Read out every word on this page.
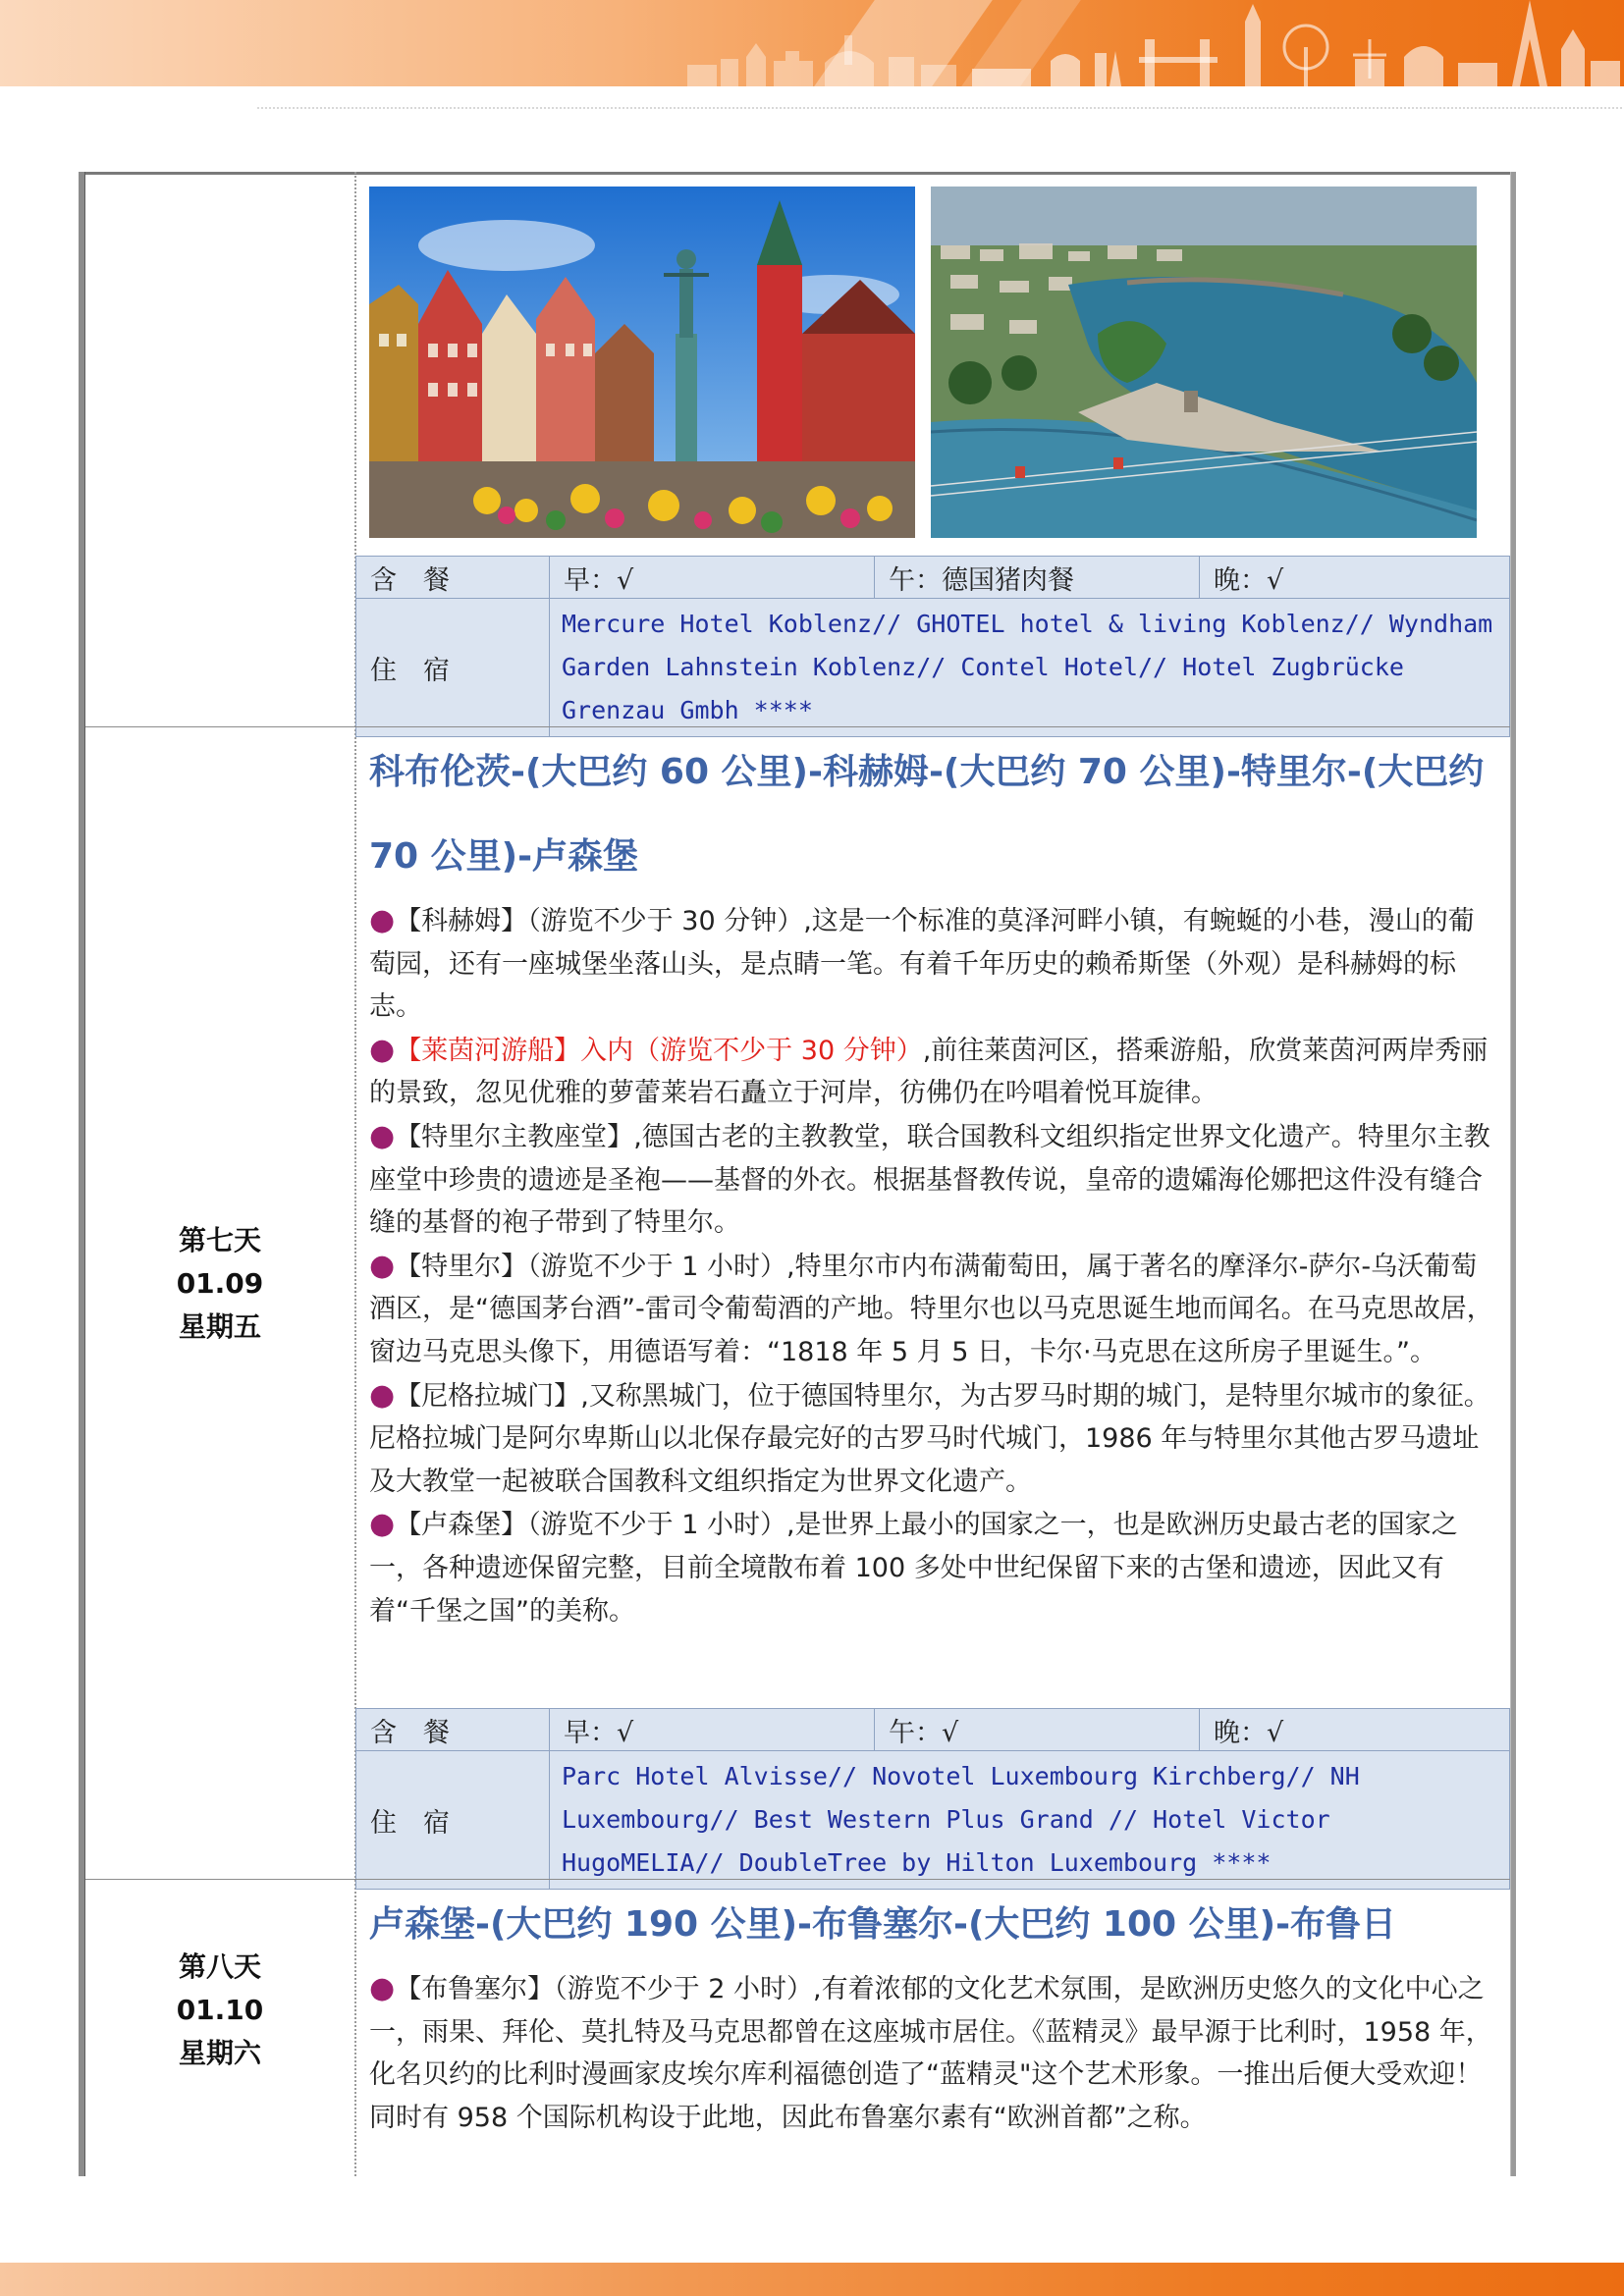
含　餐	早：√	午：德国猪肉餐	晚：√
住　宿	Mercure Hotel Koblenz// GHOTEL hotel & living Koblenz// Wyndham Garden Lahnstein Koblenz// Contel Hotel// Hotel Zugbrücke Grenzau Gmbh ****		
第七天
01.09
星期五
科布伦茨-(大巴约 60 公里)-科赫姆-(大巴约 70 公里)-特里尔-(大巴约 70 公里)-卢森堡

●【科赫姆】（游览不少于 30 分钟）,这是一个标准的莫泽河畔小镇，有蜿蜒的小巷，漫山的葡萄园，还有一座城堡坐落山头，是点睛一笔。有着千年历史的赖希斯堡（外观）是科赫姆的标志。

●【莱茵河游船】入内（游览不少于 30 分钟）,前往莱茵河区，搭乘游船，欣赏莱茵河两岸秀丽的景致，忽见优雅的萝蕾莱岩石矗立于河岸，彷佛仍在吟唱着悦耳旋律。

●【特里尔主教座堂】,德国古老的主教教堂，联合国教科文组织指定世界文化遗产。特里尔主教座堂中珍贵的遗迹是圣袍——基督的外衣。根据基督教传说，皇帝的遗孀海伦娜把这件没有缝合缝的基督的袍子带到了特里尔。

●【特里尔】（游览不少于 1 小时）,特里尔市内布满葡萄田，属于著名的摩泽尔-萨尔-乌沃葡萄酒区，是“德国茅台酒”-雷司令葡萄酒的产地。特里尔也以马克思诞生地而闻名。在马克思故居，窗边马克思头像下，用德语写着：“1818 年 5 月 5 日，卡尔·马克思在这所房子里诞生。”。

●【尼格拉城门】,又称黑城门，位于德国特里尔，为古罗马时期的城门，是特里尔城市的象征。尼格拉城门是阿尔卑斯山以北保存最完好的古罗马时代城门，1986 年与特里尔其他古罗马遗址及大教堂一起被联合国教科文组织指定为世界文化遗产。

●【卢森堡】（游览不少于 1 小时）,是世界上最小的国家之一，也是欧洲历史最古老的国家之一，各种遗迹保留完整，目前全境散布着 100 多处中世纪保留下来的古堡和遗迹，因此又有着“千堡之国”的美称。

含　餐	早：√	午：√	晚：√
住　宿	Parc Hotel Alvisse// Novotel Luxembourg Kirchberg// NH Luxembourg// Best Western Plus Grand // Hotel Victor HugoMELIA// DoubleTree by Hilton Luxembourg ****		
第八天
01.10
星期六
卢森堡-(大巴约 190 公里)-布鲁塞尔-(大巴约 100 公里)-布鲁日

●【布鲁塞尔】（游览不少于 2 小时）,有着浓郁的文化艺术氛围，是欧洲历史悠久的文化中心之一，雨果、拜伦、莫扎特及马克思都曾在这座城市居住。《蓝精灵》最早源于比利时，1958 年，化名贝约的比利时漫画家皮埃尔库利福德创造了“蓝精灵"这个艺术形象。一推出后便大受欢迎！同时有 958 个国际机构设于此地，因此布鲁塞尔素有“欧洲首都”之称。
